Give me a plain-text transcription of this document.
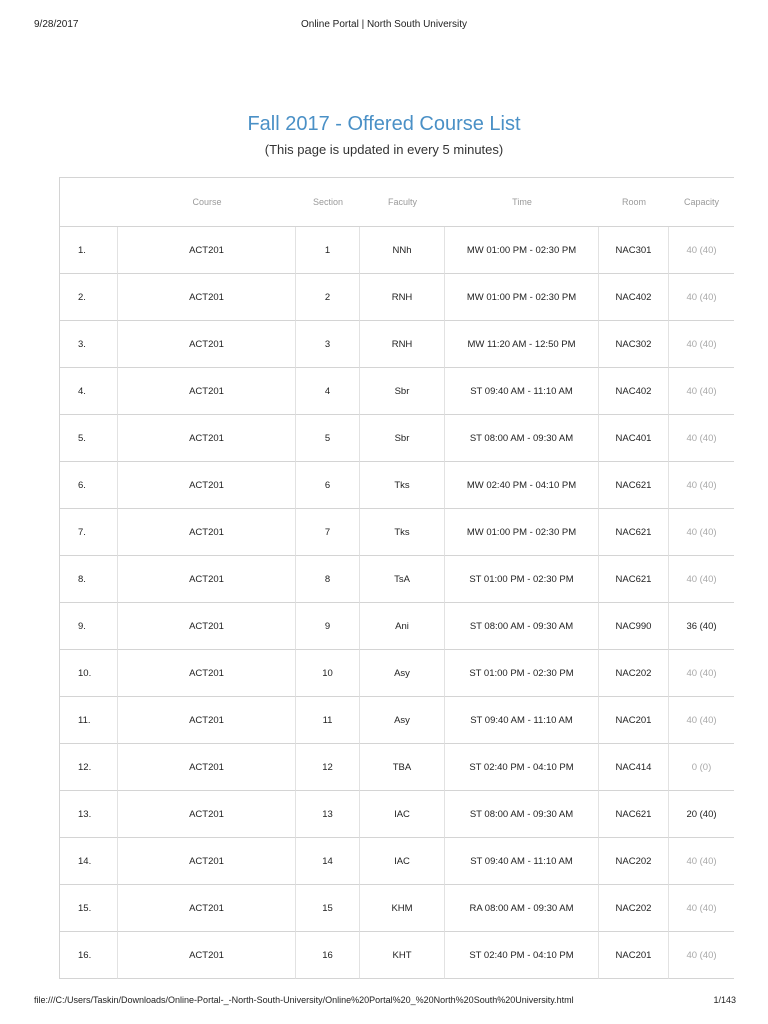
9/28/2017	Online Portal | North South University
Fall 2017 - Offered Course List
(This page is updated in every 5 minutes)
	Course	Section	Faculty	Time	Room	Capacity
1.	ACT201	1	NNh	MW 01:00 PM - 02:30 PM	NAC301	40 (40)
2.	ACT201	2	RNH	MW 01:00 PM - 02:30 PM	NAC402	40 (40)
3.	ACT201	3	RNH	MW 11:20 AM - 12:50 PM	NAC302	40 (40)
4.	ACT201	4	Sbr	ST 09:40 AM - 11:10 AM	NAC402	40 (40)
5.	ACT201	5	Sbr	ST 08:00 AM - 09:30 AM	NAC401	40 (40)
6.	ACT201	6	Tks	MW 02:40 PM - 04:10 PM	NAC621	40 (40)
7.	ACT201	7	Tks	MW 01:00 PM - 02:30 PM	NAC621	40 (40)
8.	ACT201	8	TsA	ST 01:00 PM - 02:30 PM	NAC621	40 (40)
9.	ACT201	9	Ani	ST 08:00 AM - 09:30 AM	NAC990	36 (40)
10.	ACT201	10	Asy	ST 01:00 PM - 02:30 PM	NAC202	40 (40)
11.	ACT201	11	Asy	ST 09:40 AM - 11:10 AM	NAC201	40 (40)
12.	ACT201	12	TBA	ST 02:40 PM - 04:10 PM	NAC414	0 (0)
13.	ACT201	13	IAC	ST 08:00 AM - 09:30 AM	NAC621	20 (40)
14.	ACT201	14	IAC	ST 09:40 AM - 11:10 AM	NAC202	40 (40)
15.	ACT201	15	KHM	RA 08:00 AM - 09:30 AM	NAC202	40 (40)
16.	ACT201	16	KHT	ST 02:40 PM - 04:10 PM	NAC201	40 (40)
file:///C:/Users/Taskin/Downloads/Online-Portal-_-North-South-University/Online%20Portal%20_%20North%20South%20University.html	1/143
